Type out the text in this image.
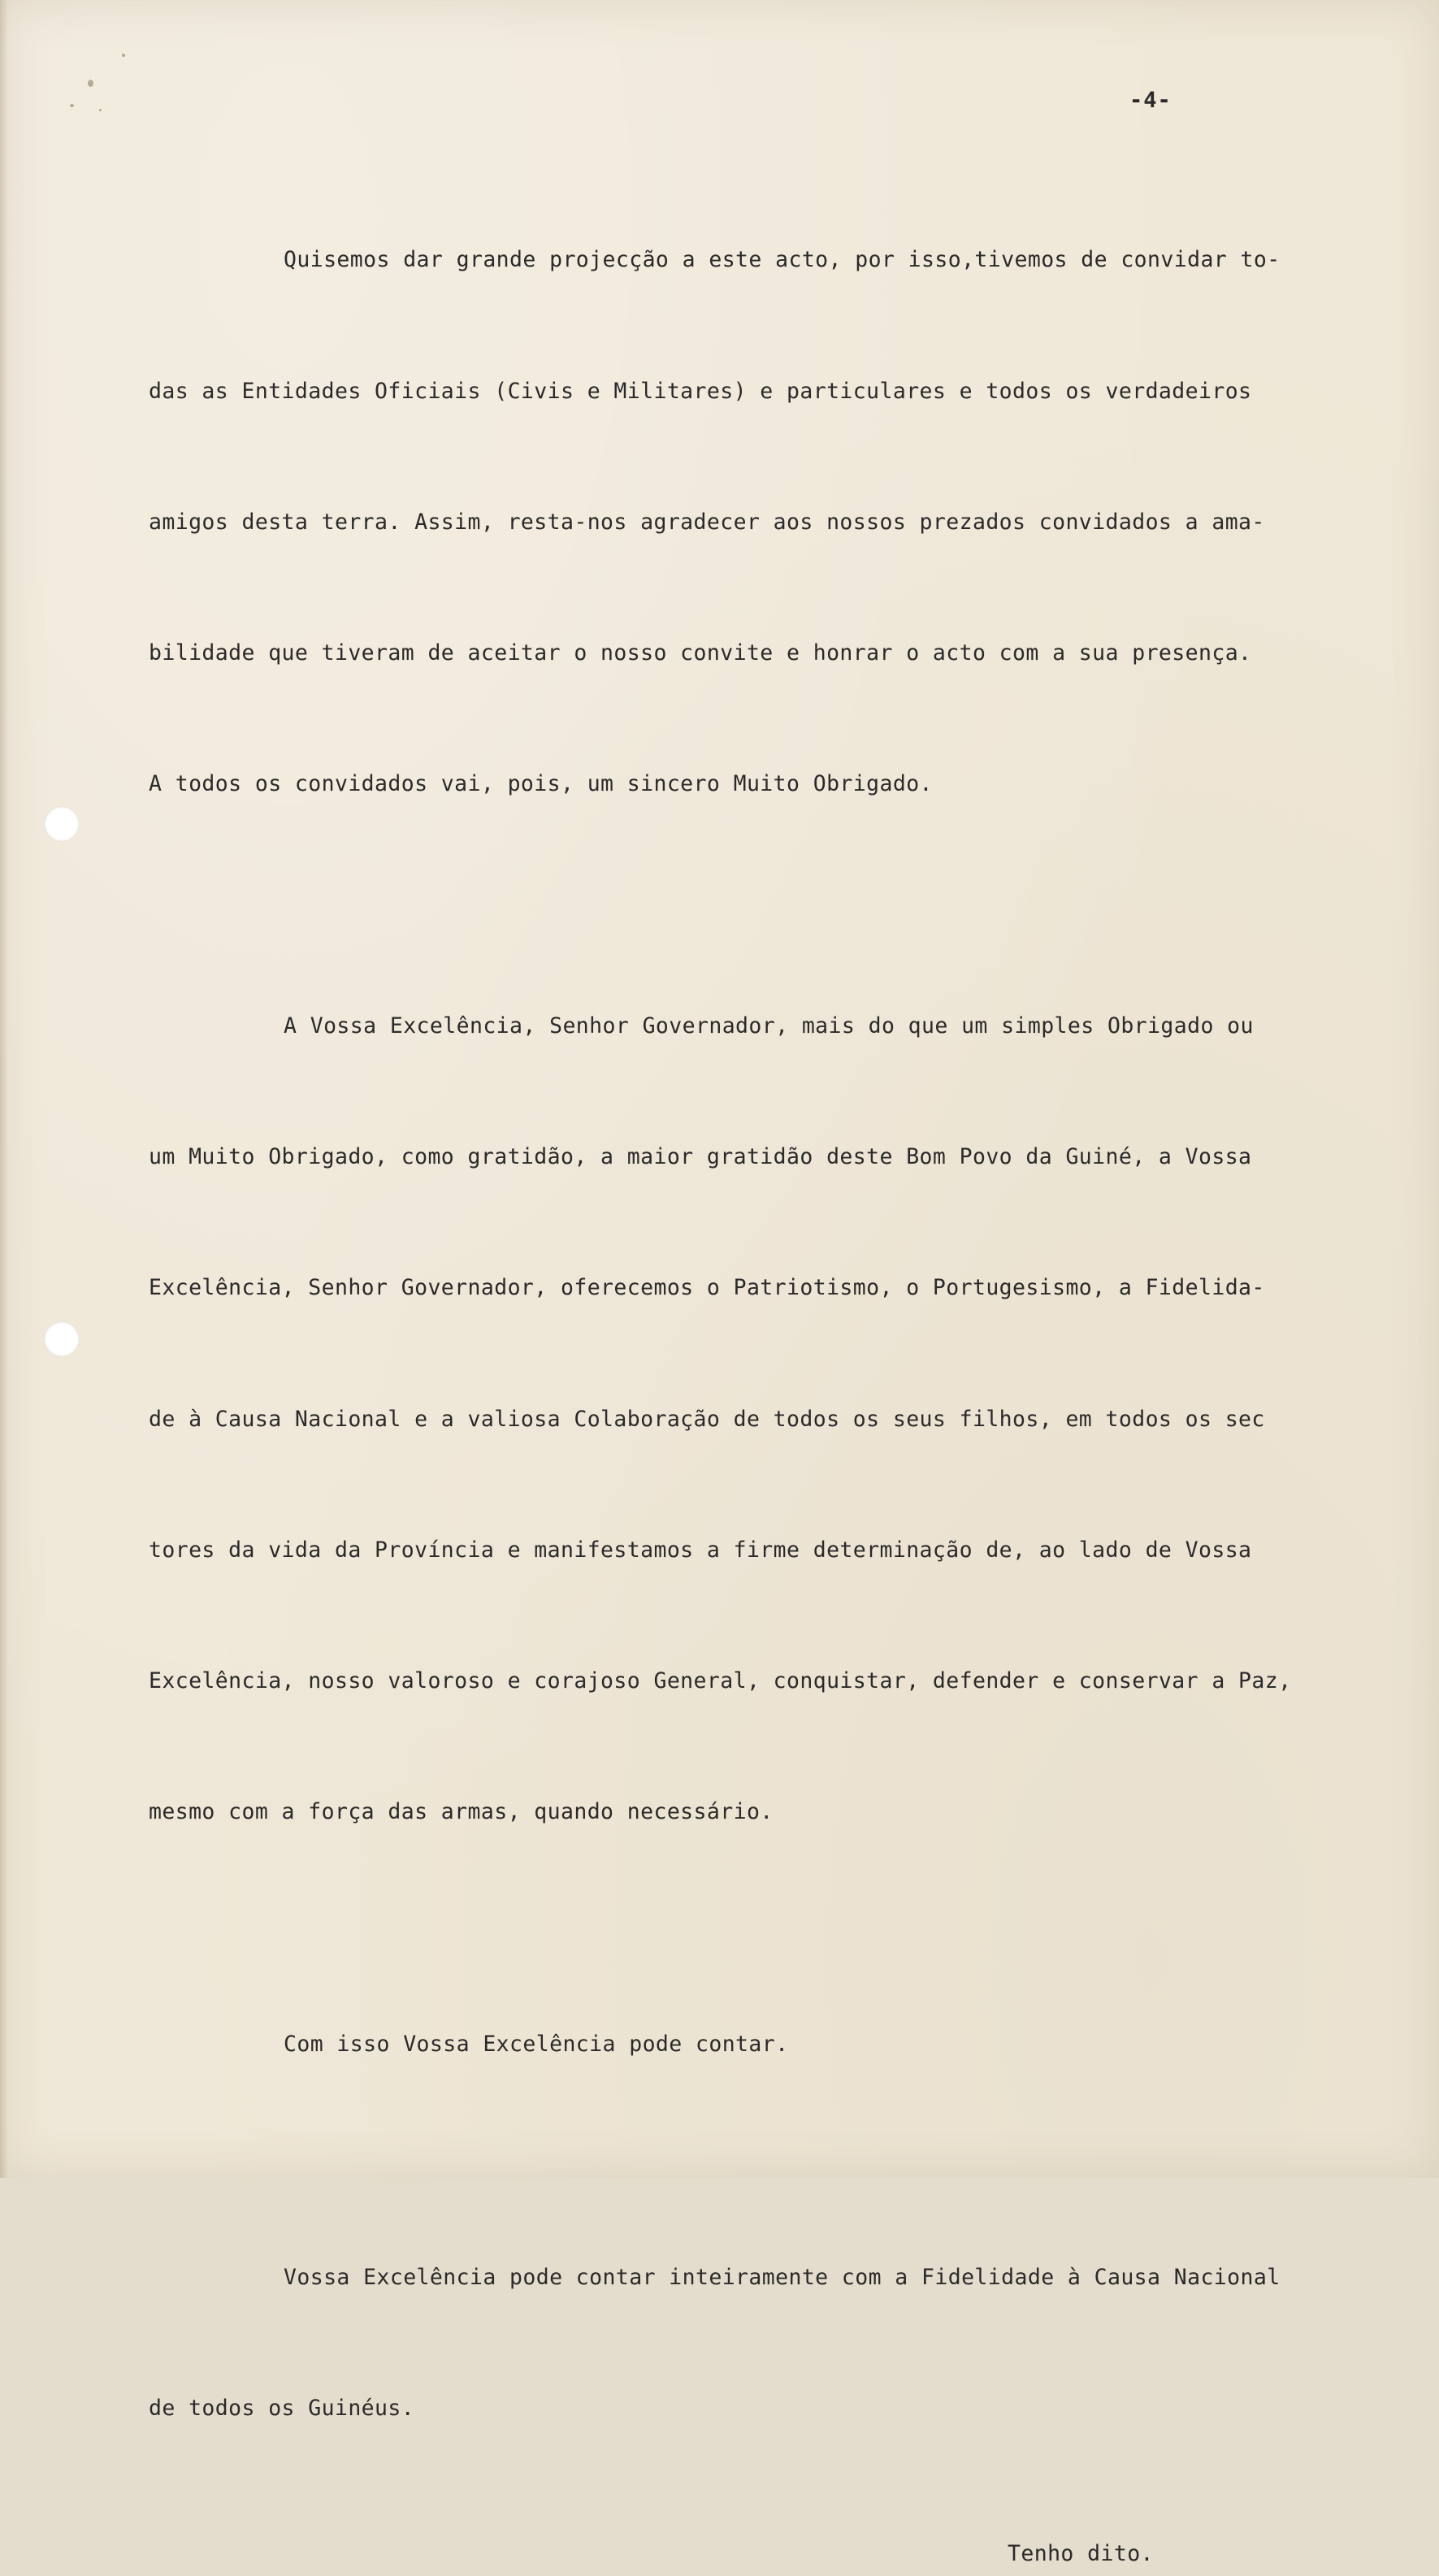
-4-

Quisemos dar grande projecção a este acto, por isso,tivemos de convidar to-

das as Entidades Oficiais (Civis e Militares) e particulares e todos os verdadeiros

amigos desta terra. Assim, resta-nos agradecer aos nossos prezados convidados a ama-

bilidade que tiveram de aceitar o nosso convite e honrar o acto com a sua presença.

A todos os convidados vai, pois, um sincero Muito Obrigado.

A Vossa Excelência, Senhor Governador, mais do que um simples Obrigado ou

um Muito Obrigado, como gratidão, a maior gratidão deste Bom Povo da Guiné, a Vossa

Excelência, Senhor Governador, oferecemos o Patriotismo, o Portugesismo, a Fidelida-

de à Causa Nacional e a valiosa Colaboração de todos os seus filhos, em todos os sec

tores da vida da Província e manifestamos a firme determinação de, ao lado de Vossa

Excelência, nosso valoroso e corajoso General, conquistar, defender e conservar a Paz,

mesmo com a força das armas, quando necessário.

Com isso Vossa Excelência pode contar.

Vossa Excelência pode contar inteiramente com a Fidelidade à Causa Nacional

de todos os Guinéus.

Tenho dito.
